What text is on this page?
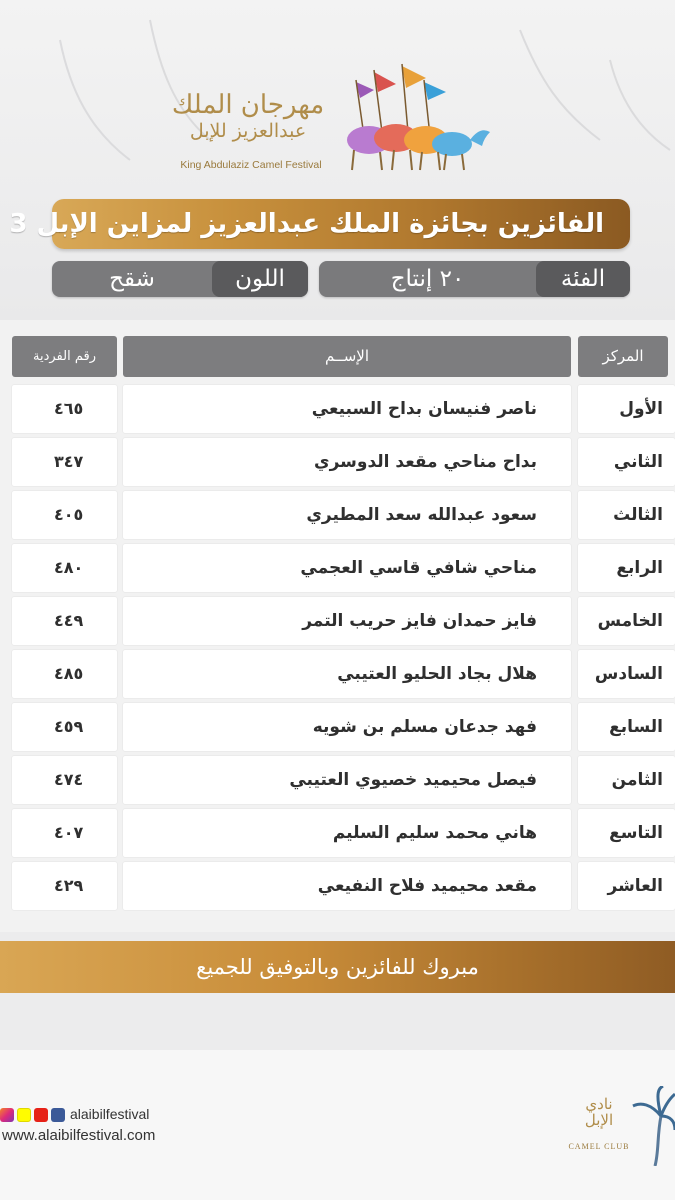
مهرجان الملك
عبدالعزيز للإبل
King Abdulaziz Camel Festival
الفائزين بجائزة الملك عبدالعزيز لمزاين الإبل 3
الفئة
٢٠ إنتاج
اللون
شقح
المركز
الإســم
رقم الفردية
الأول
ناصر فنيسان بداح السبيعي
٤٦٥
الثاني
بداح مناحي مقعد الدوسري
٣٤٧
الثالث
سعود عبدالله سعد المطيري
٤٠٥
الرابع
مناحي شافي قاسي العجمي
٤٨٠
الخامس
فايز حمدان فايز حريب التمر
٤٤٩
السادس
هلال بجاد الحليو العتيبي
٤٨٥
السابع
فهد جدعان مسلم بن شويه
٤٥٩
الثامن
فيصل محيميد خصيوي العتيبي
٤٧٤
التاسع
هاني محمد سليم السليم
٤٠٧
العاشر
مقعد محيميد فلاح النفيعي
٤٢٩
مبروك للفائزين وبالتوفيق للجميع
alaibilfestival
www.alaibilfestival.com
نادي الإبل
CAMEL CLUB
